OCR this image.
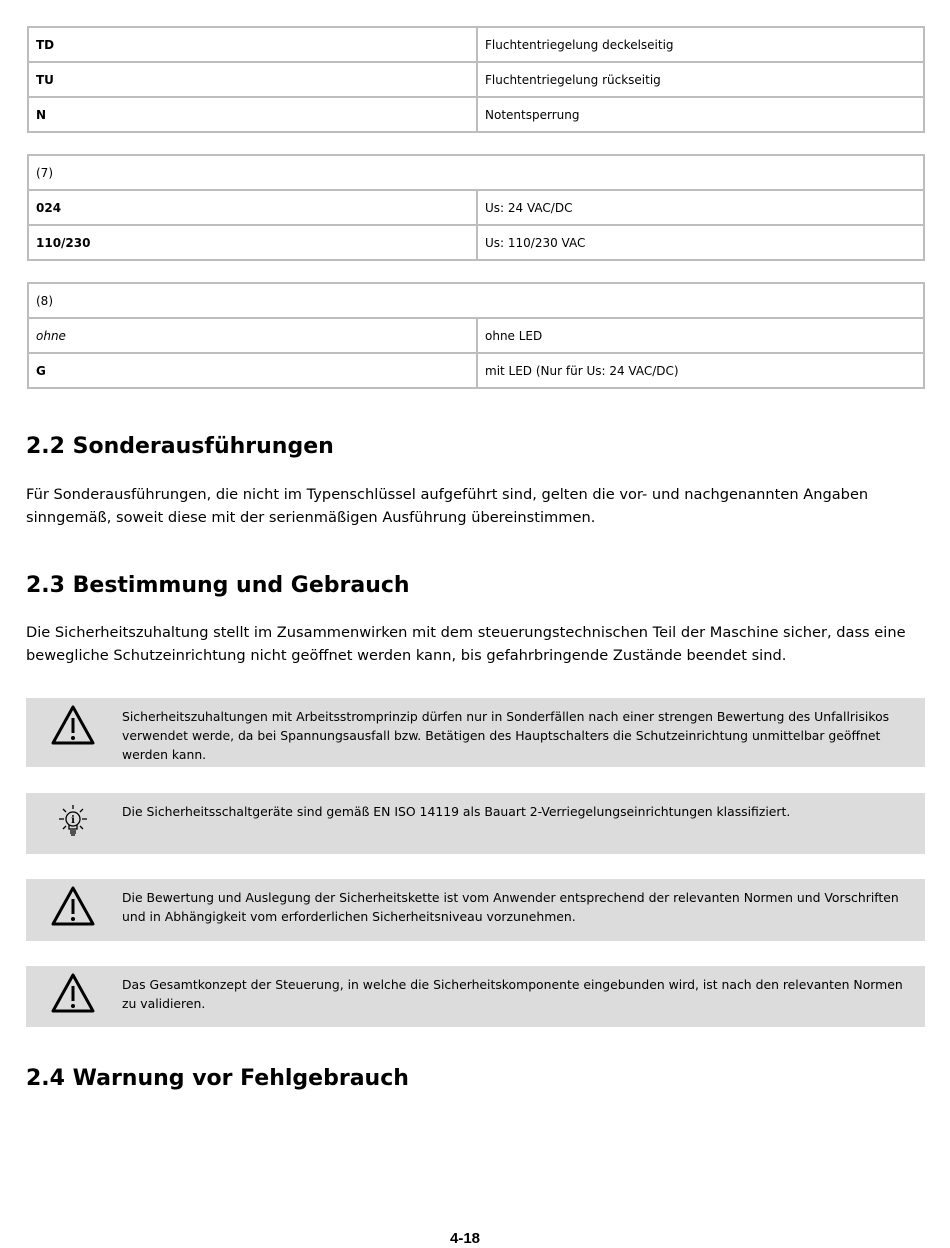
TD	Fluchtentriegelung deckelseitig
TU	Fluchtentriegelung rückseitig
N	Notentsperrung
(7)	
024	Us: 24 VAC/DC
110/230	Us: 110/230 VAC
(8)	
ohne	ohne LED
G	mit LED (Nur für Us: 24 VAC/DC)
2.2 Sonderausführungen

Für Sonderausführungen, die nicht im Typenschlüssel aufgeführt sind, gelten die vor- und nachgenannten Angaben sinngemäß, soweit diese mit der serienmäßigen Ausführung übereinstimmen.

2.3 Bestimmung und Gebrauch

Die Sicherheitszuhaltung stellt im Zusammenwirken mit dem steuerungstechnischen Teil der Maschine sicher, dass eine bewegliche Schutzeinrichtung nicht geöffnet werden kann, bis gefahrbringende Zustände beendet sind.

Sicherheitszuhaltungen mit Arbeitsstromprinzip dürfen nur in Sonderfällen nach einer strengen Bewertung des Unfallrisikos verwendet werde, da bei Spannungsausfall bzw. Betätigen des Hauptschalters die Schutzeinrichtung unmittelbar geöffnet werden kann.
i
Die Sicherheitsschaltgeräte sind gemäß EN ISO 14119 als Bauart 2-Verriegelungseinrichtungen klassifiziert.
Die Bewertung und Auslegung der Sicherheitskette ist vom Anwender entsprechend der relevanten Normen und Vorschriften und in Abhängigkeit vom erforderlichen Sicherheitsniveau vorzunehmen.
Das Gesamtkonzept der Steuerung, in welche die Sicherheitskomponente eingebunden wird, ist nach den relevanten Normen zu validieren.
2.4 Warnung vor Fehlgebrauch
4-18
